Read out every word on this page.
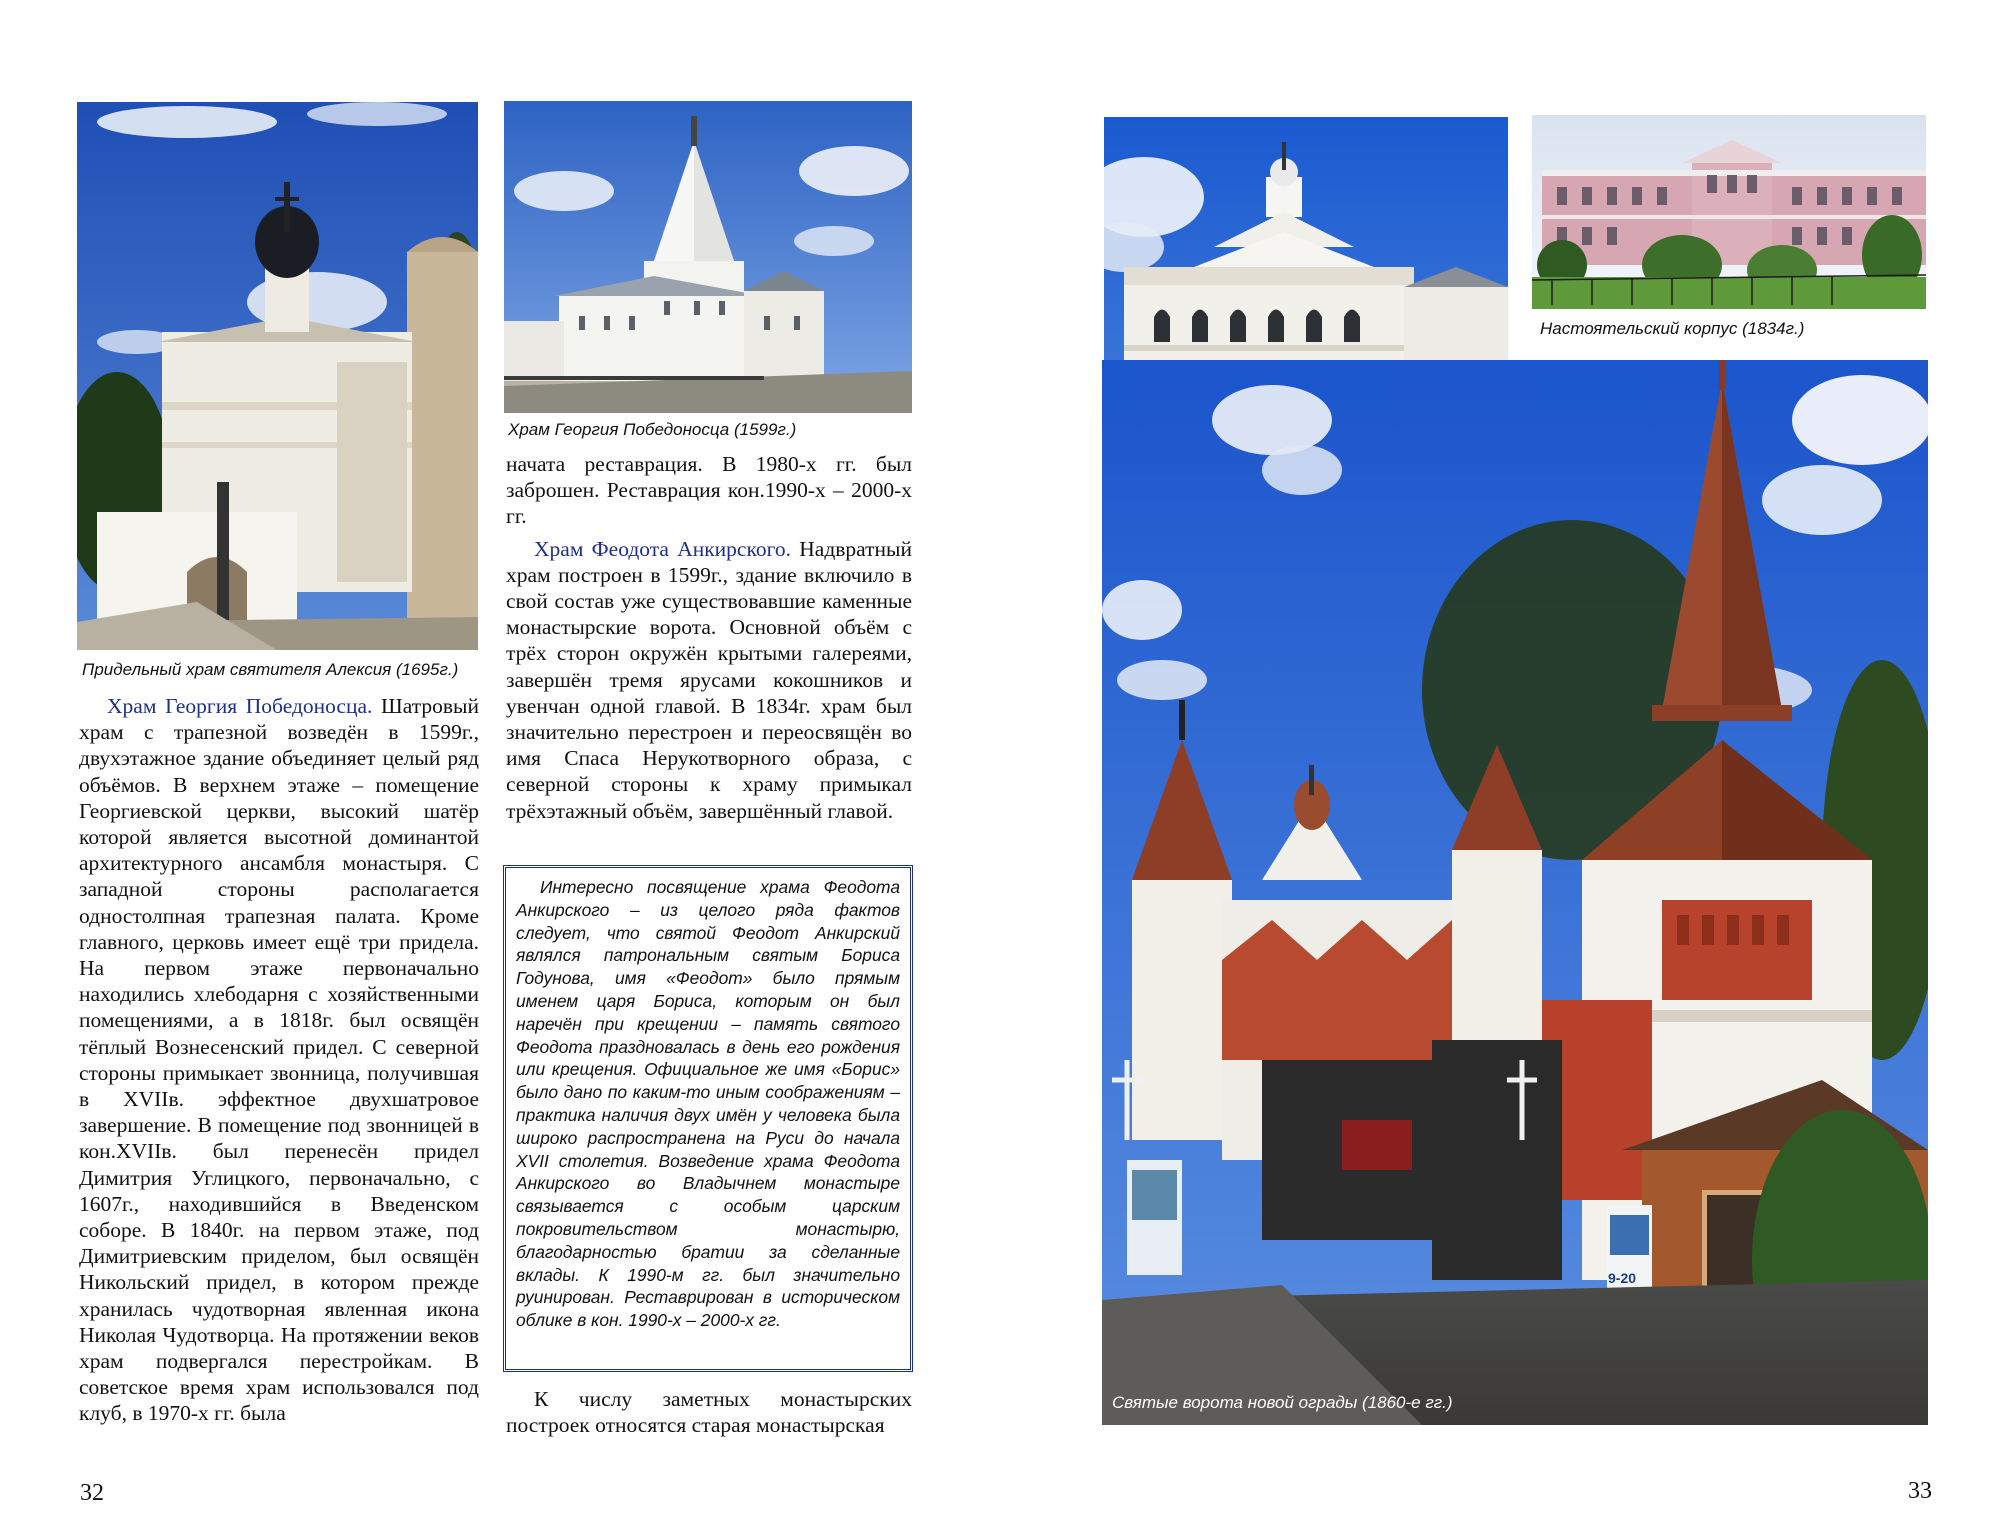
Придельный храм святителя Алексия (1695г.)
Храм Георгия Победоносца (1599г.)

Храм Георгия Победоносца. Шатровый храм с трапезной возведён в 1599г., двухэтажное здание объединяет целый ряд объёмов. В верхнем этаже – помещение Георгиевской церкви, высокий шатёр которой является высотной доминантой архитектурного ансамбля монастыря. С западной стороны располагается одностолпная трапезная палата. Кроме главного, церковь имеет ещё три придела. На первом этаже первоначально находились хлебодарня с хозяйственными помещениями, а в 1818г. был освящён тёплый Вознесенский придел. С северной стороны примыкает звонница, получившая в XVIIв. эффектное двухшатровое завершение. В помещение под звонницей в кон.XVIIв. был перенесён придел Димитрия Углицкого, первоначально, с 1607г., находившийся в Введенском соборе. В 1840г. на первом этаже, под Димитриевским приделом, был освящён Никольский придел, в котором прежде хранилась чудотворная явленная икона Николая Чудотворца. На протяжении веков храм подвергался перестройкам. В советское время храм использовался под клуб, в 1970-х гг. была

начата реставрация. В 1980-х гг. был заброшен. Реставрация кон.1990-х – 2000-х гг.

Храм Феодота Анкирского. Надвратный храм построен в 1599г., здание включило в свой состав уже существовавшие каменные монастырские ворота. Основной объём с трёх сторон окружён крытыми галереями, завершён тремя ярусами кокошников и увенчан одной главой. В 1834г. храм был значительно перестроен и переосвящён во имя Спаса Нерукотворного образа, с северной стороны к храму примыкал трёхэтажный объём, завершённый главой.

Интересно посвящение храма Феодота Анкирского – из целого ряда фактов следует, что святой Феодот Анкирский являлся патрональным святым Бориса Годунова, имя «Феодот» было прямым именем царя Бориса, которым он был наречён при крещении – память святого Феодота праздновалась в день его рождения или крещения. Официальное же имя «Борис» было дано по каким-то иным соображениям – практика наличия двух имён у человека была широко распространена на Руси до начала XVII столетия. Возведение храма Феодота Анкирского во Владычнем монастыре связывается с особым царским покровительством монастырю, благодарностью братии за сделанные вклады. К 1990-м гг. был значительно руинирован. Реставрирован в историческом облике в кон. 1990-х – 2000-х гг.

К числу заметных монастырских построек относятся старая монастырская

32
Настоятельский корпус (1834г.)
9-20
Святые ворота новой ограды (1860-е гг.)
33
